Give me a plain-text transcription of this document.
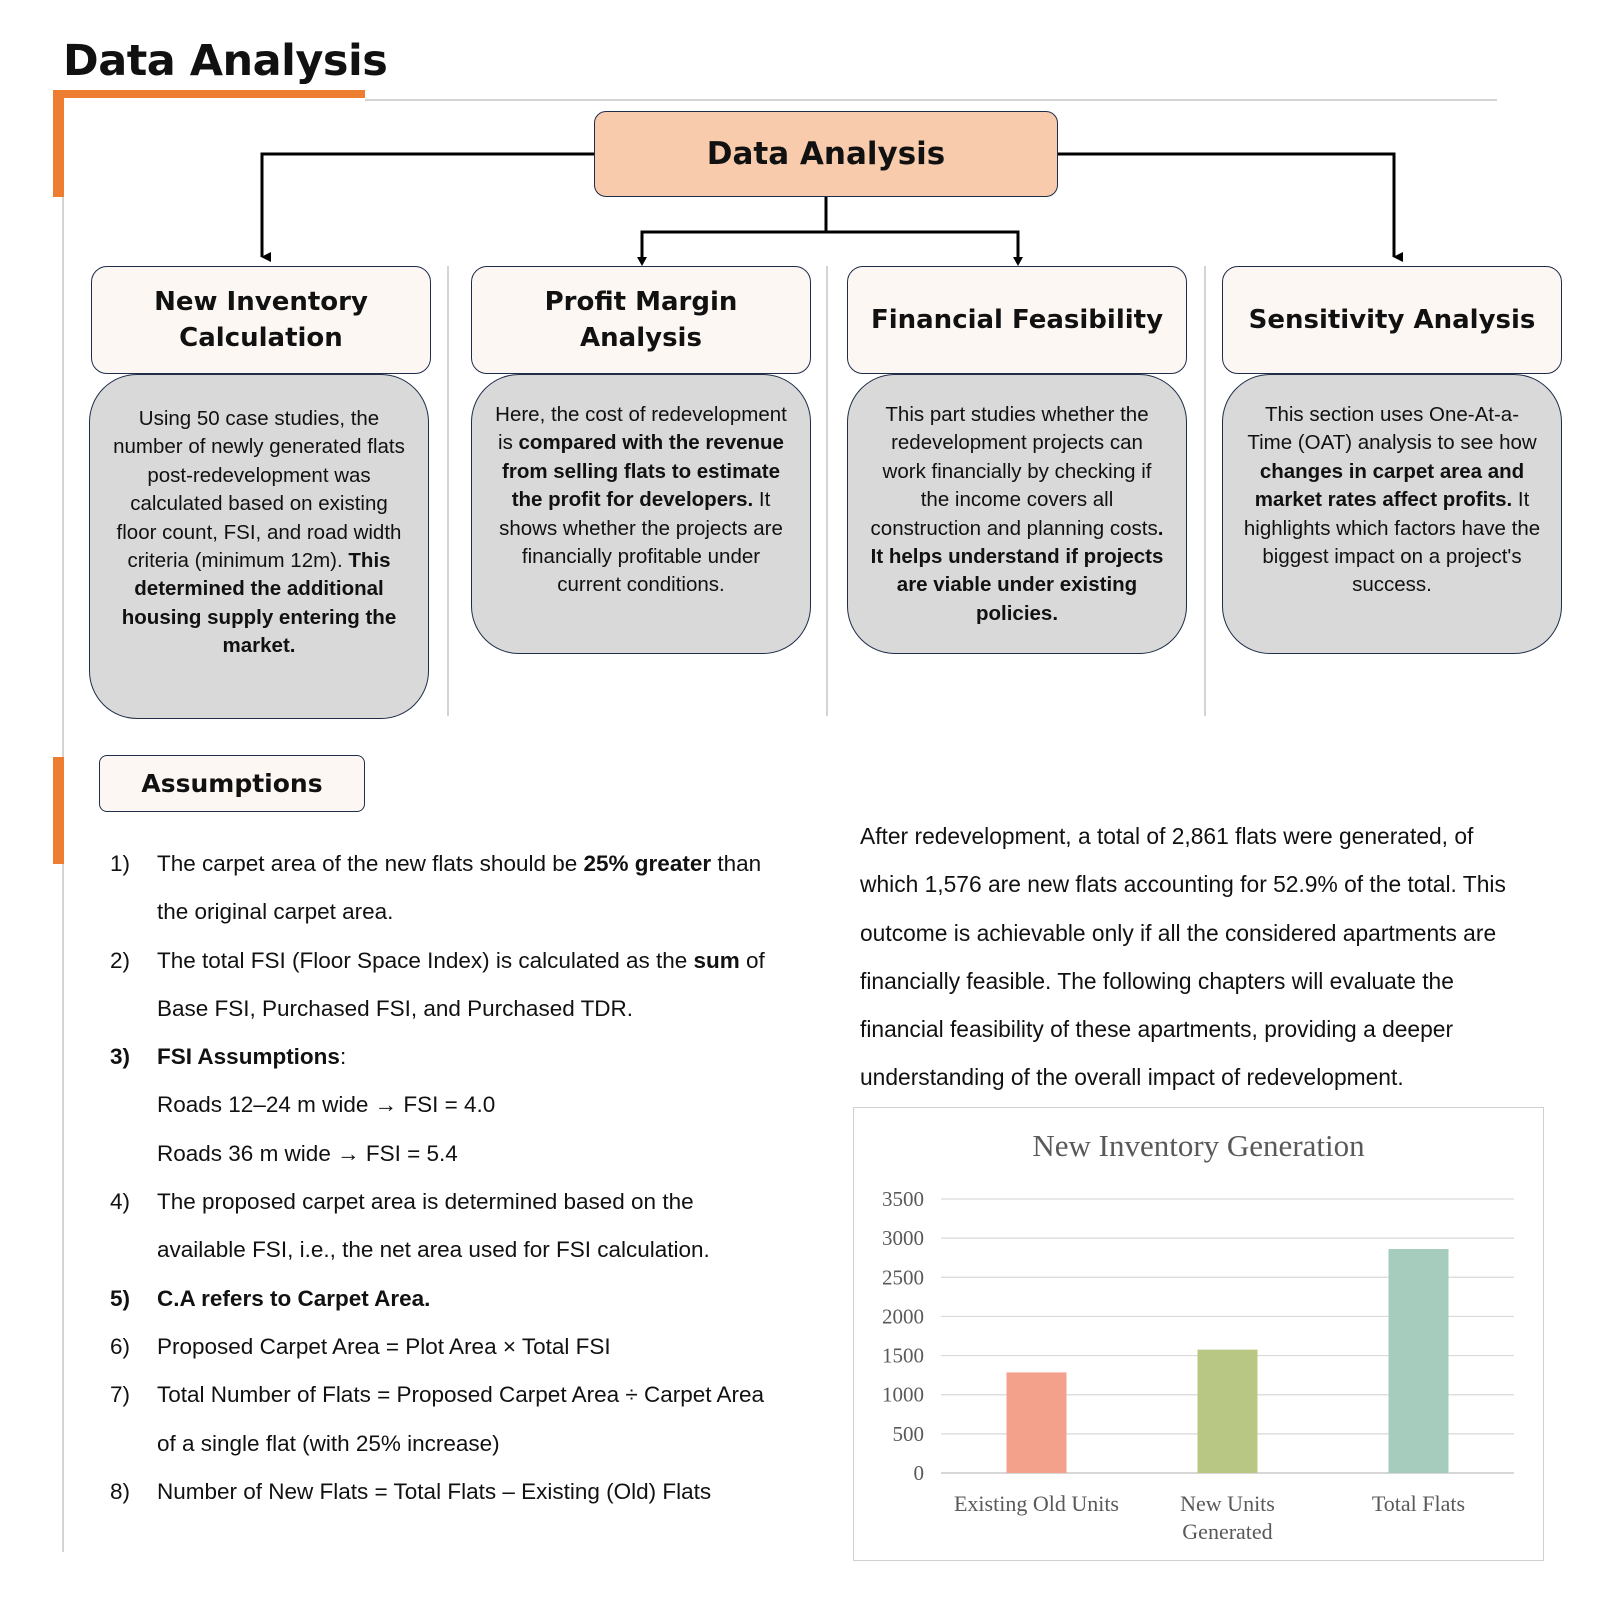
Data Analysis
Data Analysis
New Inventory Calculation
Profit Margin Analysis
Financial Feasibility	Sensitivity Analysis
Using 50 case studies, the number of newly generated flats post-redevelopment was calculated based on existing floor count, FSI, and road width criteria (minimum 12m). This determined the additional housing supply entering the market.
Here, the cost of redevelopment is compared with the revenue from selling flats to estimate the profit for developers. It shows whether the projects are financially profitable under current conditions.
This part studies whether the redevelopment projects can work financially by checking if the income covers all construction and planning costs. It helps understand if projects are viable under existing policies.
This section uses One-At-a-Time (OAT) analysis to see how changes in carpet area and market rates affect profits. It highlights which factors have the biggest impact on a project's success.
Assumptions
1)	The carpet area of the new flats should be 25% greater than
the original carpet area.
2)	The total FSI (Floor Space Index) is calculated as the sum of
Base FSI, Purchased FSI, and Purchased TDR.
3)	FSI Assumptions:
Roads 12–24 m wide → FSI = 4.0
Roads 36 m wide → FSI = 5.4
4)	The proposed carpet area is determined based on the
available FSI, i.e., the net area used for FSI calculation.
5)	C.A refers to Carpet Area.
6)	Proposed Carpet Area = Plot Area × Total FSI
7)	Total Number of Flats = Proposed Carpet Area ÷ Carpet Area
of a single flat (with 25% increase)
8)	Number of New Flats = Total Flats – Existing (Old) Flats
After redevelopment, a total of 2,861 flats were generated, of
which 1,576 are new flats accounting for 52.9% of the total. This
outcome is achievable only if all the considered apartments are
financially feasible. The following chapters will evaluate the
financial feasibility of these apartments, providing a deeper
understanding of the overall impact of redevelopment.
New Inventory Generation
0
500
1000
1500
2000
2500
3000
3500
Existing Old Units	New Units
Generated
Total Flats
